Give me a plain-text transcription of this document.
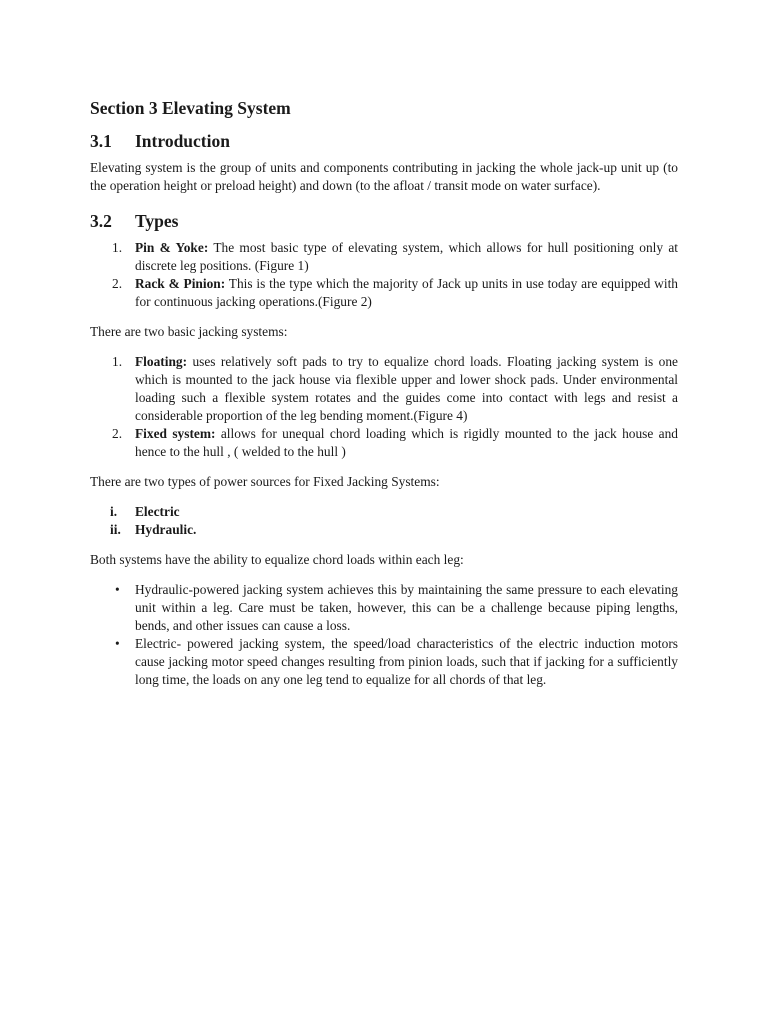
Section 3 Elevating System
3.1 Introduction

Elevating system is the group of units and components contributing in jacking the whole jack-up unit up (to the operation height or preload height) and down (to the afloat / transit mode on water surface).

3.2 Types
1. Pin & Yoke: The most basic type of elevating system, which allows for hull positioning only at discrete leg positions. (Figure 1)
2. Rack & Pinion: This is the type which the majority of Jack up units in use today are equipped with for continuous jacking operations.(Figure 2)

There are two basic jacking systems:

1. Floating: uses relatively soft pads to try to equalize chord loads. Floating jacking system is one which is mounted to the jack house via flexible upper and lower shock pads. Under environmental loading such a flexible system rotates and the guides come into contact with legs and resist a considerable proportion of the leg bending moment.(Figure 4)
2. Fixed system: allows for unequal chord loading which is rigidly mounted to the jack house and hence to the hull , ( welded to the hull )

There are two types of power sources for Fixed Jacking Systems:

i. Electric
ii. Hydraulic.

Both systems have the ability to equalize chord loads within each leg:

• Hydraulic-powered jacking system achieves this by maintaining the same pressure to each elevating unit within a leg. Care must be taken, however, this can be a challenge because piping lengths, bends, and other issues can cause a loss.
• Electric- powered jacking system, the speed/load characteristics of the electric induction motors cause jacking motor speed changes resulting from pinion loads, such that if jacking for a sufficiently long time, the loads on any one leg tend to equalize for all chords of that leg.
